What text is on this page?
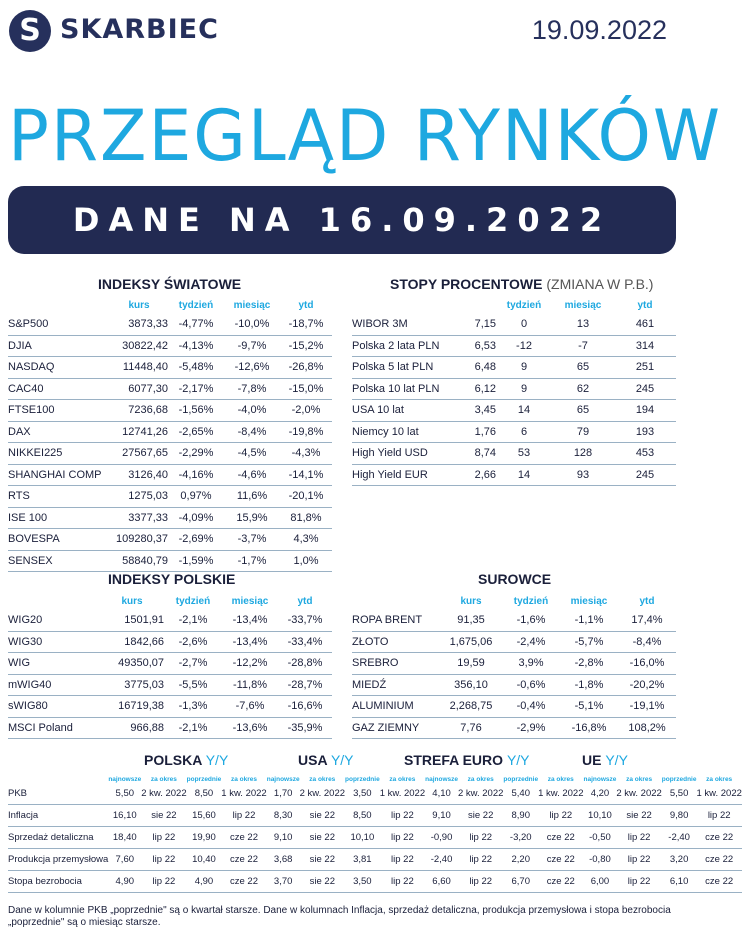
S SKARBIEC	19.09.2022
PRZEGLĄD RYNKÓW
DANE NA 16.09.2022
INDEKSY ŚWIATOWE
	kurs	tydzień	miesiąc	ytd
S&P500	3873,33	-4,77%	-10,0%	-18,7%
DJIA	30822,42	-4,13%	-9,7%	-15,2%
NASDAQ	11448,40	-5,48%	-12,6%	-26,8%
CAC40	6077,30	-2,17%	-7,8%	-15,0%
FTSE100	7236,68	-1,56%	-4,0%	-2,0%
DAX	12741,26	-2,65%	-8,4%	-19,8%
NIKKEI225	27567,65	-2,29%	-4,5%	-4,3%
SHANGHAI COMP	3126,40	-4,16%	-4,6%	-14,1%
RTS	1275,03	0,97%	11,6%	-20,1%
ISE 100	3377,33	-4,09%	15,9%	81,8%
BOVESPA	109280,37	-2,69%	-3,7%	4,3%
SENSEX	58840,79	-1,59%	-1,7%	1,0%
STOPY PROCENTOWE (ZMIANA W P.B.)
		tydzień	miesiąc	ytd
WIBOR 3M	7,15	0	13	461
Polska 2 lata PLN	6,53	-12	-7	314
Polska 5 lat PLN	6,48	9	65	251
Polska 10 lat PLN	6,12	9	62	245
USA 10 lat	3,45	14	65	194
Niemcy 10 lat	1,76	6	79	193
High Yield USD	8,74	53	128	453
High Yield EUR	2,66	14	93	245
INDEKSY POLSKIE
	kurs	tydzień	miesiąc	ytd
WIG20	1501,91	-2,1%	-13,4%	-33,7%
WIG30	1842,66	-2,6%	-13,4%	-33,4%
WIG	49350,07	-2,7%	-12,2%	-28,8%
mWIG40	3775,03	-5,5%	-11,8%	-28,7%
sWIG80	16719,38	-1,3%	-7,6%	-16,6%
MSCI Poland	966,88	-2,1%	-13,6%	-35,9%
SUROWCE
	kurs	tydzień	miesiąc	ytd
ROPA BRENT	91,35	-1,6%	-1,1%	17,4%
ZŁOTO	1,675,06	-2,4%	-5,7%	-8,4%
SREBRO	19,59	3,9%	-2,8%	-16,0%
MIEDŹ	356,10	-0,6%	-1,8%	-20,2%
ALUMINIUM	2,268,75	-0,4%	-5,1%	-19,1%
GAZ ZIEMNY	7,76	-2,9%	-16,8%	108,2%
POLSKA Y/Y	USA Y/Y	STREFA EURO Y/Y	UE Y/Y
	najnowsze	za okres	poprzednie	za okres	najnowsze	za okres	poprzednie	za okres	najnowsze	za okres	poprzednie	za okres	najnowsze	za okres	poprzednie	za okres
PKB	5,50	2 kw. 2022	8,50	1 kw. 2022	1,70	2 kw. 2022	3,50	1 kw. 2022	4,10	2 kw. 2022	5,40	1 kw. 2022	4,20	2 kw. 2022	5,50	1 kw. 2022
Inflacja	16,10	sie 22	15,60	lip 22	8,30	sie 22	8,50	lip 22	9,10	sie 22	8,90	lip 22	10,10	sie 22	9,80	lip 22
Sprzedaż detaliczna	18,40	lip 22	19,90	cze 22	9,10	sie 22	10,10	lip 22	-0,90	lip 22	-3,20	cze 22	-0,50	lip 22	-2,40	cze 22
Produkcja przemysłowa	7,60	lip 22	10,40	cze 22	3,68	sie 22	3,81	lip 22	-2,40	lip 22	2,20	cze 22	-0,80	lip 22	3,20	cze 22
Stopa bezrobocia	4,90	lip 22	4,90	cze 22	3,70	sie 22	3,50	lip 22	6,60	lip 22	6,70	cze 22	6,00	lip 22	6,10	cze 22
Dane w kolumnie PKB „poprzednie" są o kwartał starsze. Dane w kolumnach Inflacja, sprzedaż detaliczna, produkcja przemysłowa i stopa bezrobocia „poprzednie" są o miesiąc starsze.
